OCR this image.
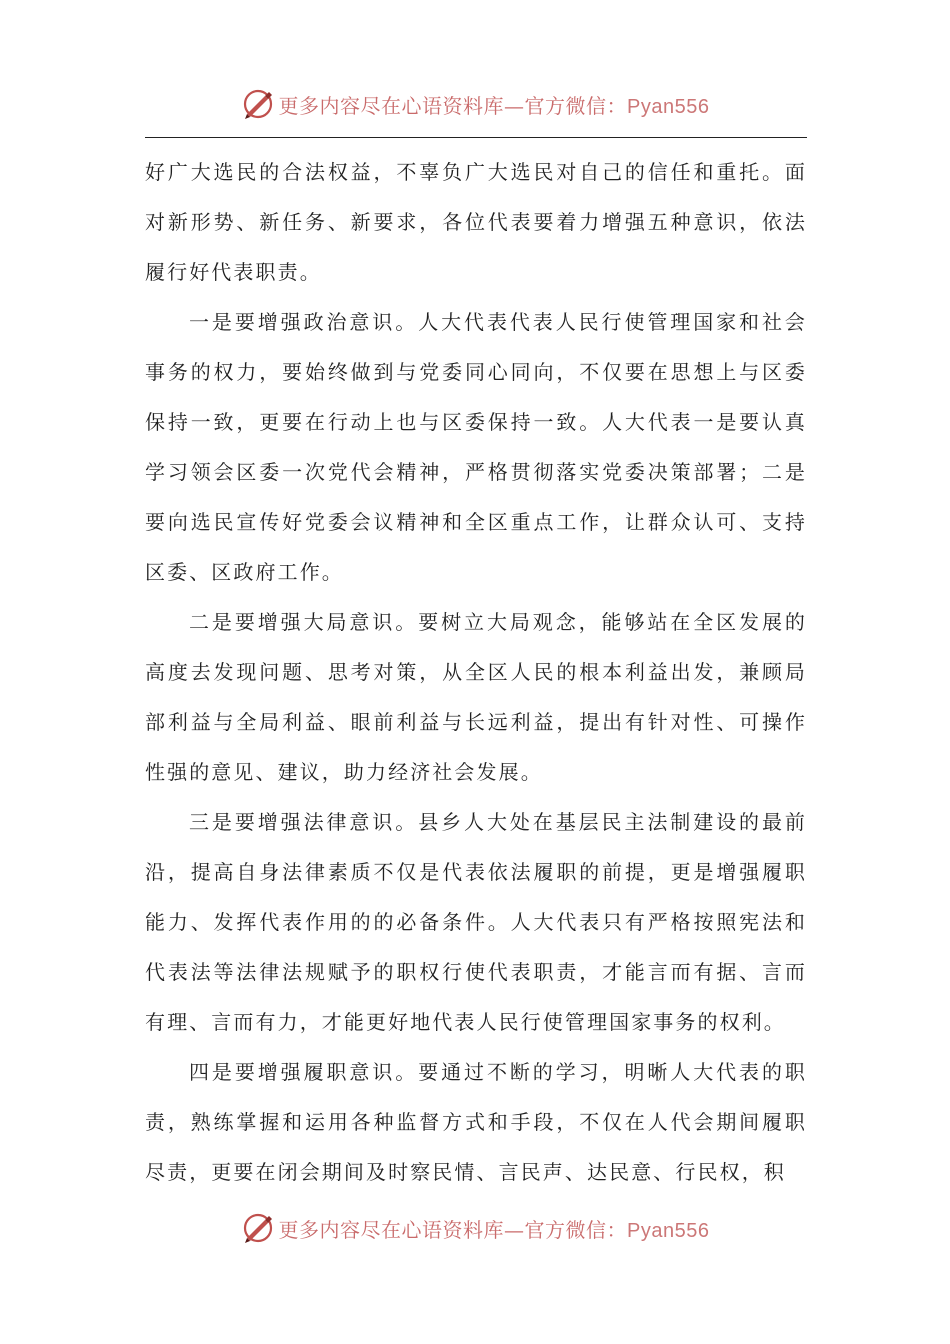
更多内容尽在心语资料库—官方微信：Pyan556

好广大选民的合法权益，不辜负广大选民对自己的信任和重托。面对新形势、新任务、新要求，各位代表要着力增强五种意识，依法履行好代表职责。

一是要增强政治意识。人大代表代表人民行使管理国家和社会事务的权力，要始终做到与党委同心同向，不仅要在思想上与区委保持一致，更要在行动上也与区委保持一致。人大代表一是要认真学习领会区委一次党代会精神，严格贯彻落实党委决策部署；二是要向选民宣传好党委会议精神和全区重点工作，让群众认可、支持区委、区政府工作。

二是要增强大局意识。要树立大局观念，能够站在全区发展的高度去发现问题、思考对策，从全区人民的根本利益出发，兼顾局部利益与全局利益、眼前利益与长远利益，提出有针对性、可操作性强的意见、建议，助力经济社会发展。

三是要增强法律意识。县乡人大处在基层民主法制建设的最前沿，提高自身法律素质不仅是代表依法履职的前提，更是增强履职能力、发挥代表作用的的必备条件。人大代表只有严格按照宪法和代表法等法律法规赋予的职权行使代表职责，才能言而有据、言而有理、言而有力，才能更好地代表人民行使管理国家事务的权利。

四是要增强履职意识。要通过不断的学习，明晰人大代表的职责，熟练掌握和运用各种监督方式和手段，不仅在人代会期间履职尽责，更要在闭会期间及时察民情、言民声、达民意、行民权，积

更多内容尽在心语资料库—官方微信：Pyan556
